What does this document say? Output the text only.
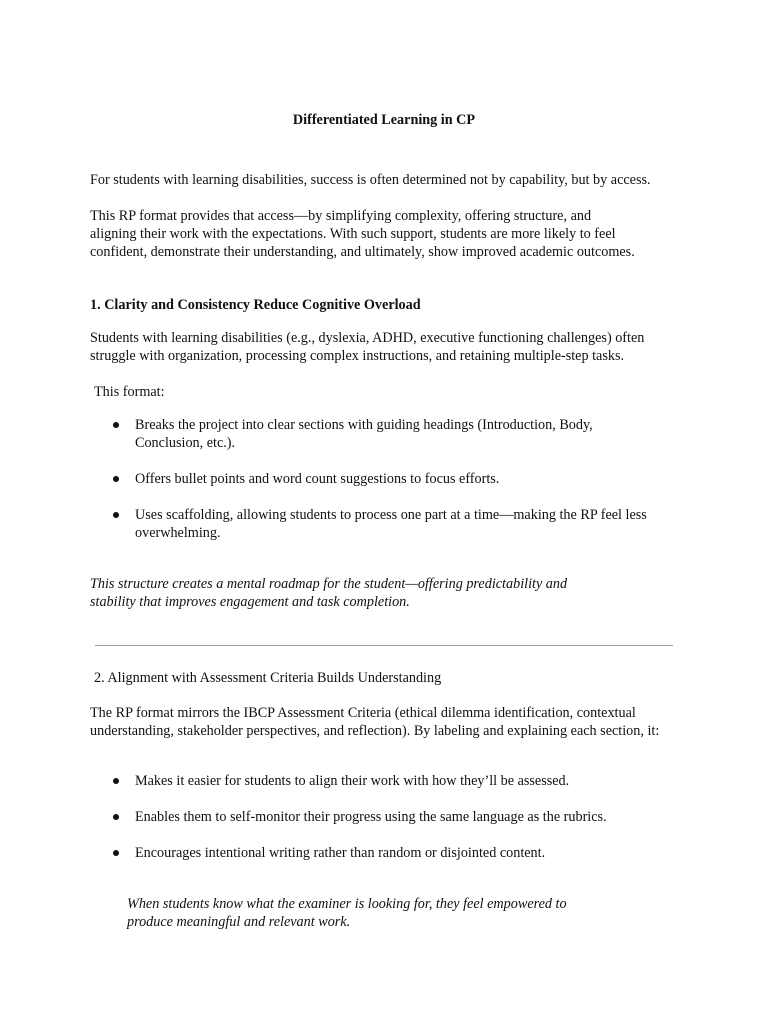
Differentiated Learning in CP

For students with learning disabilities, success is often determined not by capability, but by access.

This RP format provides that access—by simplifying complexity, offering structure, and aligning their work with the expectations. With such support, students are more likely to feel confident, demonstrate their understanding, and ultimately, show improved academic outcomes.

1. Clarity and Consistency Reduce Cognitive Overload

Students with learning disabilities (e.g., dyslexia, ADHD, executive functioning challenges) often struggle with organization, processing complex instructions, and retaining multiple-step tasks.

This format:

Breaks the project into clear sections with guiding headings (Introduction, Body, Conclusion, etc.).
Offers bullet points and word count suggestions to focus efforts.
Uses scaffolding, allowing students to process one part at a time—making the RP feel less overwhelming.

This structure creates a mental roadmap for the student—offering predictability and stability that improves engagement and task completion.

2. Alignment with Assessment Criteria Builds Understanding

The RP format mirrors the IBCP Assessment Criteria (ethical dilemma identification, contextual understanding, stakeholder perspectives, and reflection). By labeling and explaining each section, it:

Makes it easier for students to align their work with how they’ll be assessed.
Enables them to self-monitor their progress using the same language as the rubrics.
Encourages intentional writing rather than random or disjointed content.

When students know what the examiner is looking for, they feel empowered to produce meaningful and relevant work.
